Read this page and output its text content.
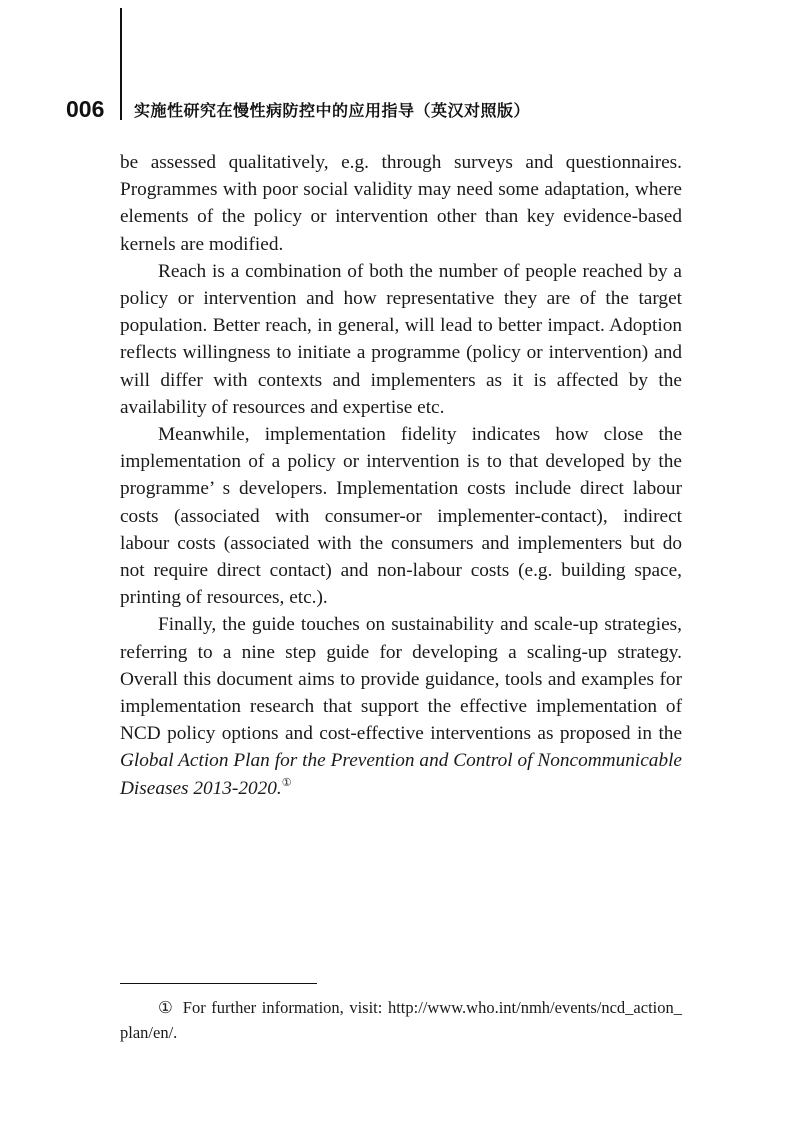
006 实施性研究在慢性病防控中的应用指导（英汉对照版）

be assessed qualitatively, e.g. through surveys and questionnaires. Programmes with poor social validity may need some adaptation, where elements of the policy or intervention other than key evidence-based kernels are modified.

Reach is a combination of both the number of people reached by a policy or intervention and how representative they are of the target population. Better reach, in general, will lead to better impact. Adoption reflects willingness to initiate a programme (policy or intervention) and will differ with contexts and implementers as it is affected by the availability of resources and expertise etc.

Meanwhile, implementation fidelity indicates how close the implementation of a policy or intervention is to that developed by the programme’ s developers. Implementation costs include direct labour costs (associated with consumer-or implementer-contact), indirect labour costs (associated with the consumers and implementers but do not require direct contact) and non-labour costs (e.g. building space, printing of resources, etc.).

Finally, the guide touches on sustainability and scale-up strategies, referring to a nine step guide for developing a scaling-up strategy. Overall this document aims to provide guidance, tools and examples for implementation research that support the effective implementation of NCD policy options and cost-effective interventions as proposed in the Global Action Plan for the Prevention and Control of Noncommunicable Diseases 2013-2020.①

① For further information, visit: http://www.who.int/nmh/events/ncd_action_plan/en/.
